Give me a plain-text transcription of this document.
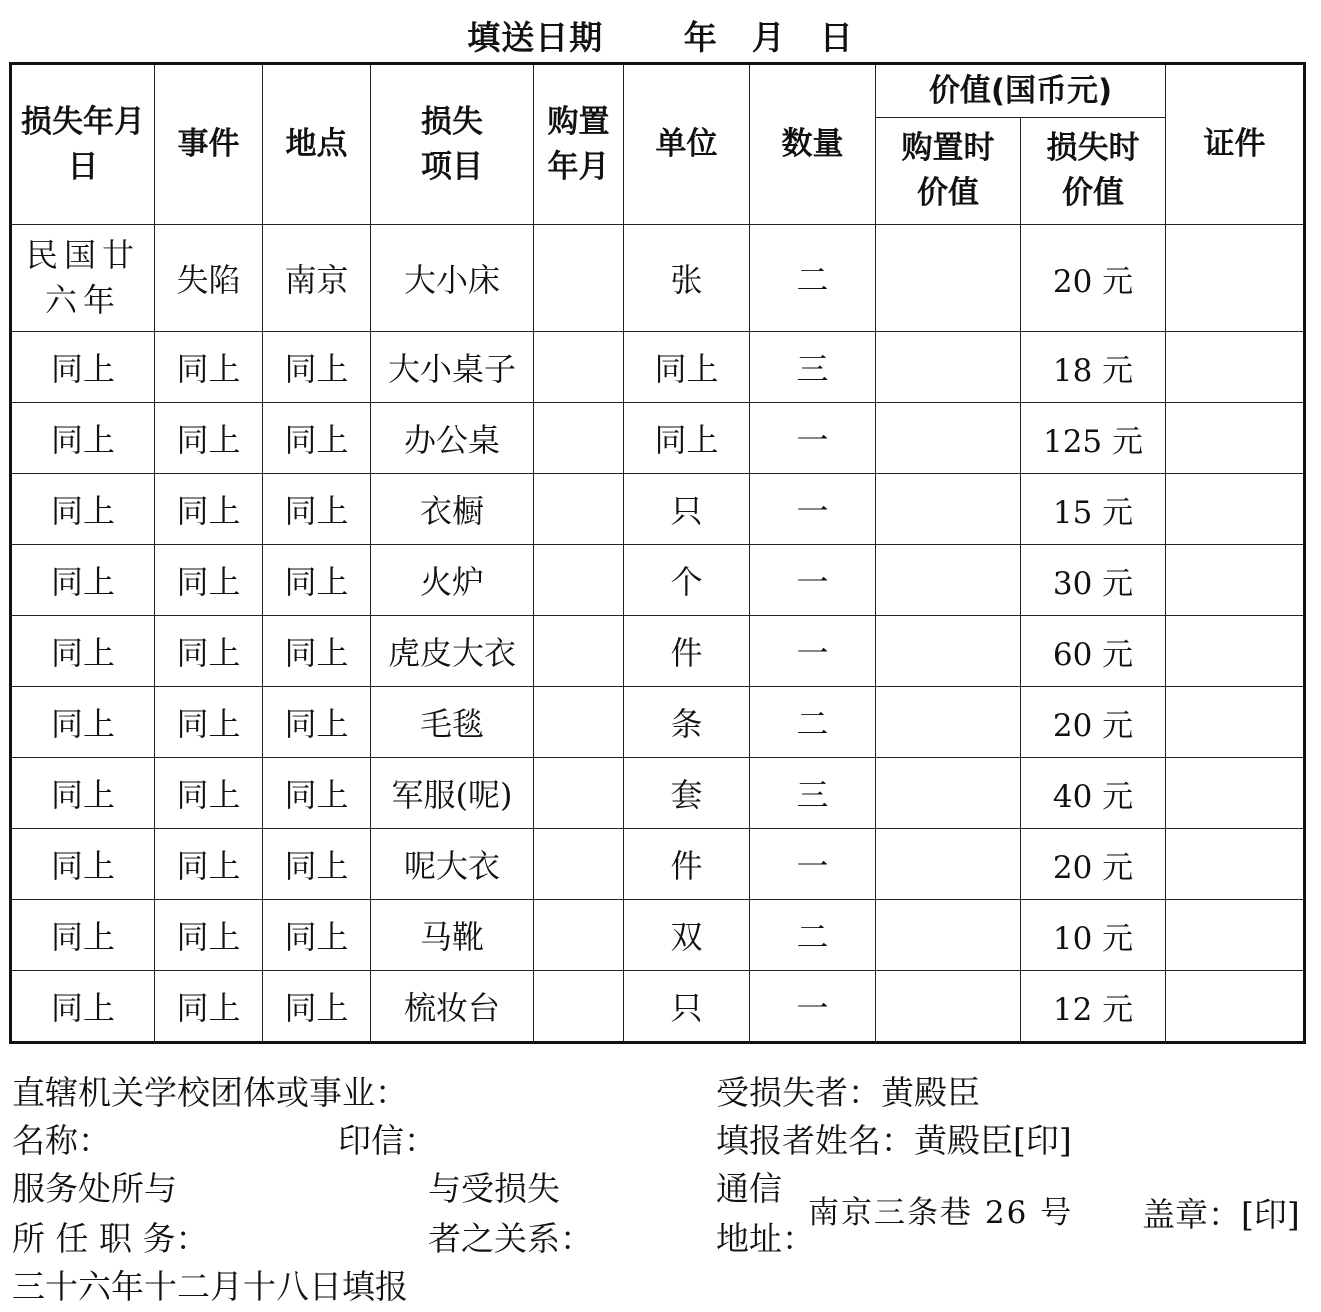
填送日期　　 年　月　日
损失年月日	事件	地点	损失项目	购置年月	单位	数量	价值(国币元)		证件

							购置时价值	损失时价值	

民国廿六年	失陷	南京	大小床		张	二		20 元	
同上	同上	同上	大小桌子		同上	三		18 元	
同上	同上	同上	办公桌		同上	一		125 元	
同上	同上	同上	衣橱		只	一		15 元	
同上	同上	同上	火炉		个	一		30 元	
同上	同上	同上	虎皮大衣		件	一		60 元	
同上	同上	同上	毛毯		条	二		20 元	
同上	同上	同上	军服(呢)		套	三		40 元	
同上	同上	同上	呢大衣		件	一		20 元	
同上	同上	同上	马靴		双	二		10 元	
同上	同上	同上	梳妆台		只	一		12 元	
直辖机关学校团体或事业：
名称：	印信：
服务处所与
所 任 职 务：
与受损失
者之关系：
受损失者：黄殿臣
填报者姓名：黄殿臣[印]
通信
地址：
南京三条巷 26 号 盖章：[印]
三十六年十二月十八日填报
